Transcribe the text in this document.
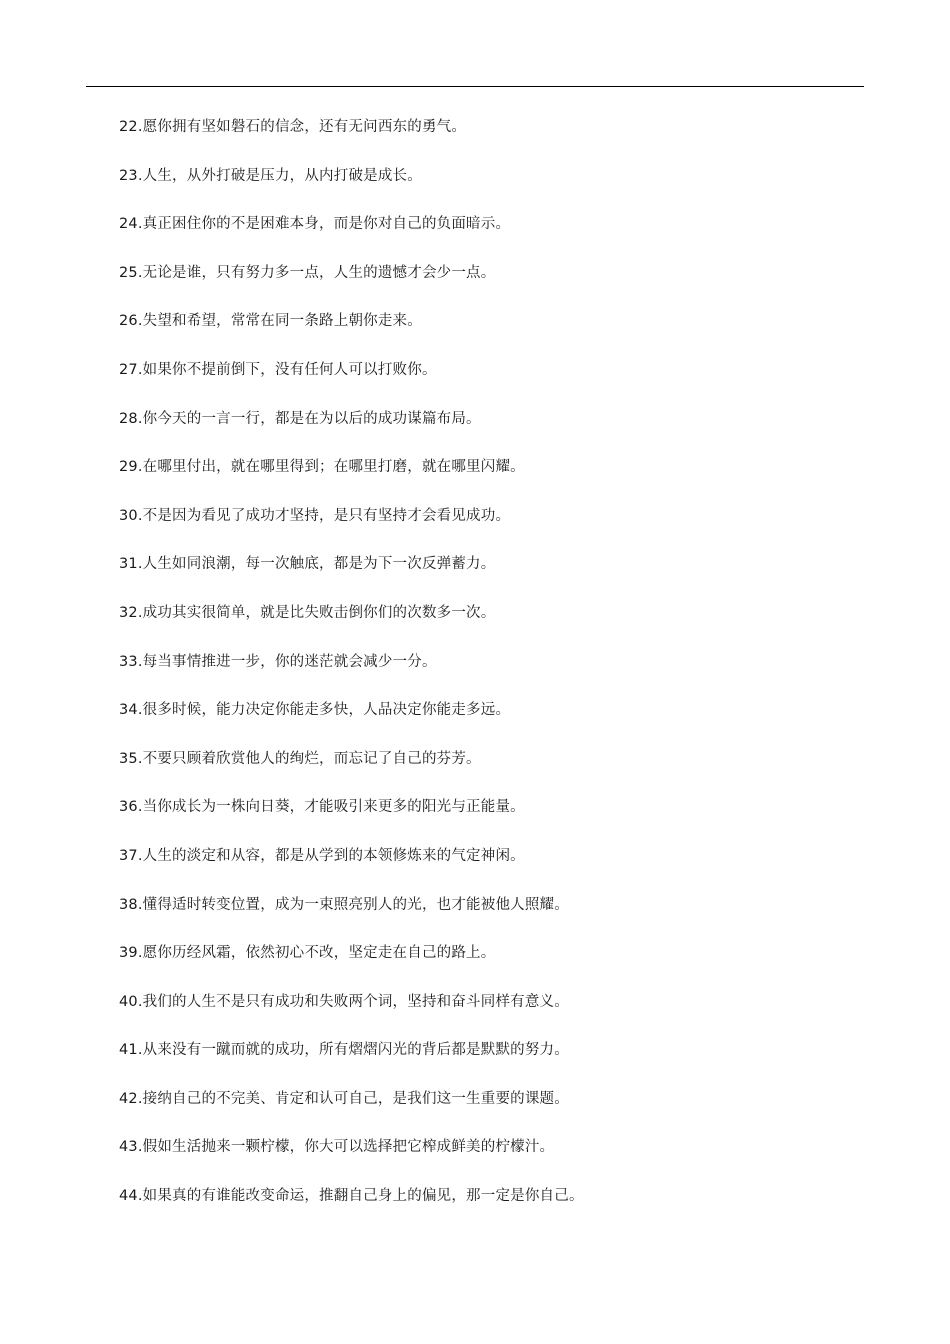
22.愿你拥有坚如磐石的信念，还有无问西东的勇气。
23.人生，从外打破是压力，从内打破是成长。
24.真正困住你的不是困难本身，而是你对自己的负面暗示。
25.无论是谁，只有努力多一点，人生的遗憾才会少一点。
26.失望和希望，常常在同一条路上朝你走来。
27.如果你不提前倒下，没有任何人可以打败你。
28.你今天的一言一行，都是在为以后的成功谋篇布局。
29.在哪里付出，就在哪里得到；在哪里打磨，就在哪里闪耀。
30.不是因为看见了成功才坚持，是只有坚持才会看见成功。
31.人生如同浪潮，每一次触底，都是为下一次反弹蓄力。
32.成功其实很简单，就是比失败击倒你们的次数多一次。
33.每当事情推进一步，你的迷茫就会减少一分。
34.很多时候，能力决定你能走多快，人品决定你能走多远。
35.不要只顾着欣赏他人的绚烂，而忘记了自己的芬芳。
36.当你成长为一株向日葵，才能吸引来更多的阳光与正能量。
37.人生的淡定和从容，都是从学到的本领修炼来的气定神闲。
38.懂得适时转变位置，成为一束照亮别人的光，也才能被他人照耀。
39.愿你历经风霜，依然初心不改，坚定走在自己的路上。
40.我们的人生不是只有成功和失败两个词，坚持和奋斗同样有意义。
41.从来没有一蹴而就的成功，所有熠熠闪光的背后都是默默的努力。
42.接纳自己的不完美、肯定和认可自己，是我们这一生重要的课题。
43.假如生活抛来一颗柠檬，你大可以选择把它榨成鲜美的柠檬汁。
44.如果真的有谁能改变命运，推翻自己身上的偏见，那一定是你自己。
